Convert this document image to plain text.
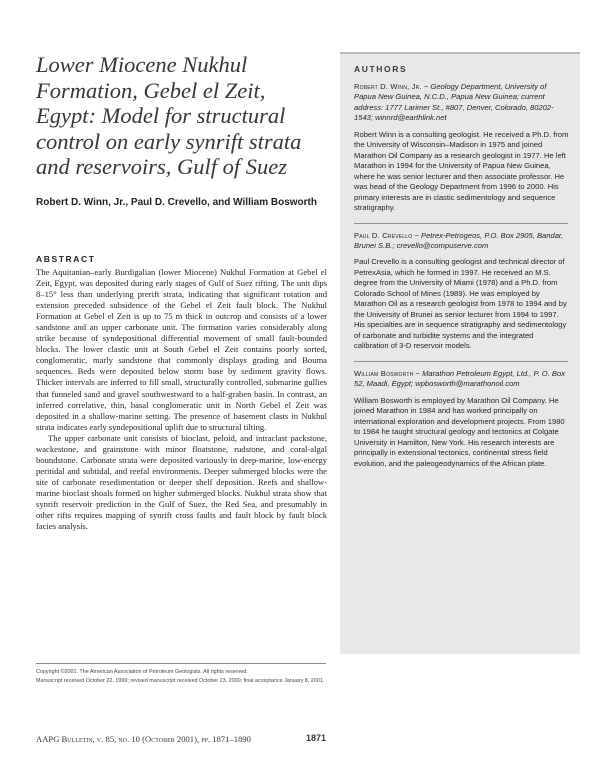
Lower Miocene Nukhul Formation, Gebel el Zeit, Egypt: Model for structural control on early synrift strata and reservoirs, Gulf of Suez
Robert D. Winn, Jr., Paul D. Crevello, and William Bosworth
ABSTRACT

The Aquitanian–early Burdigalian (lower Miocene) Nukhul Formation at Gebel el Zeit, Egypt, was deposited during early stages of Gulf of Suez rifting. The unit dips 8–15° less than underlying prerift strata, indicating that significant rotation and extension preceded subsidence of the Gebel el Zeit fault block. The Nukhul Formation at Gebel el Zeit is up to 75 m thick in outcrop and consists of a lower sandstone and an upper carbonate unit. The formation varies considerably along strike because of syndepositional differential movement of small fault-bounded blocks. The lower clastic unit at South Gebel el Zeit contains poorly sorted, conglomeratic, marly sandstone that commonly displays grading and Bouma sequences. Beds were deposited below storm base by sediment gravity flows. Thicker intervals are inferred to fill small, structurally controlled, submarine gullies that funneled sand and gravel southwestward to a half-graben basin. In contrast, an inferred correlative, thin, basal conglomeratic unit in North Gebel el Zeit was deposited in a shallow-marine setting. The presence of basement clasts in Nukhul strata indicates early syndepositional uplift due to structural tilting.

The upper carbonate unit consists of bioclast, peloid, and intraclast packstone, wackestone, and grainstone with minor floatstone, rudstone, and coral-algal boundstone. Carbonate strata were deposited variously in deep-marine, low-energy peritidal and subtidal, and reefal environments. Deeper submerged blocks were the site of carbonate resedimentation or deeper shelf deposition. Reefs and shallow-marine bioclast shoals formed on higher submerged blocks. Nukhul strata show that synrift reservoir prediction in the Gulf of Suez, the Red Sea, and presumably in other rifts requires mapping of synrift cross faults and fault block by fault block facies analysis.

AUTHORS
Robert D. Winn, Jr. ~ Geology Department, University of Papua New Guinea, N.C.D., Papua New Guinea; current address: 1777 Larimer St., #807, Denver, Colorado, 80202-1543; winnrd@earthlink.net
Robert Winn is a consulting geologist. He received a Ph.D. from the University of Wisconsin–Madison in 1975 and joined Marathon Oil Company as a research geologist in 1977. He left Marathon in 1994 for the University of Papua New Guinea, where he was senior lecturer and then associate professor. He was head of the Geology Department from 1996 to 2000. His primary interests are in clastic sedimentology and sequence stratigraphy.
Paul D. Crevello ~ Petrex-Petrogeos, P.O. Box 2905, Bandar, Brunei S.B.; crevello@compuserve.com
Paul Crevello is a consulting geologist and technical director of PetrexAsia, which he formed in 1997. He received an M.S. degree from the University of Miami (1978) and a Ph.D. from Colorado School of Mines (1989). He was employed by Marathon Oil as a research geologist from 1978 to 1994 and by the University of Brunei as senior lecturer from 1994 to 1997. His specialties are in sequence stratigraphy and sedimentology of carbonate and turbidite systems and the integrated calibration of 3-D reservoir models.
William Bosworth ~ Marathon Petroleum Egypt, Ltd., P. O. Box 52, Maadi, Egypt; wpbosworth@marathonoil.com
William Bosworth is employed by Marathon Oil Company. He joined Marathon in 1984 and has worked principally on international exploration and development projects. From 1980 to 1984 he taught structural geology and tectonics at Colgate University in Hamilton, New York. His research interests are principally in extensional tectonics, continental stress field evolution, and the paleogeodynamics of the African plate.
Copyright ©2001. The American Association of Petroleum Geologists. All rights reserved.
Manuscript received October 22, 1999; revised manuscript received October 23, 2000; final acceptance January 8, 2001.
AAPG Bulletin, v. 85, no. 10 (October 2001), pp. 1871–1890	1871
